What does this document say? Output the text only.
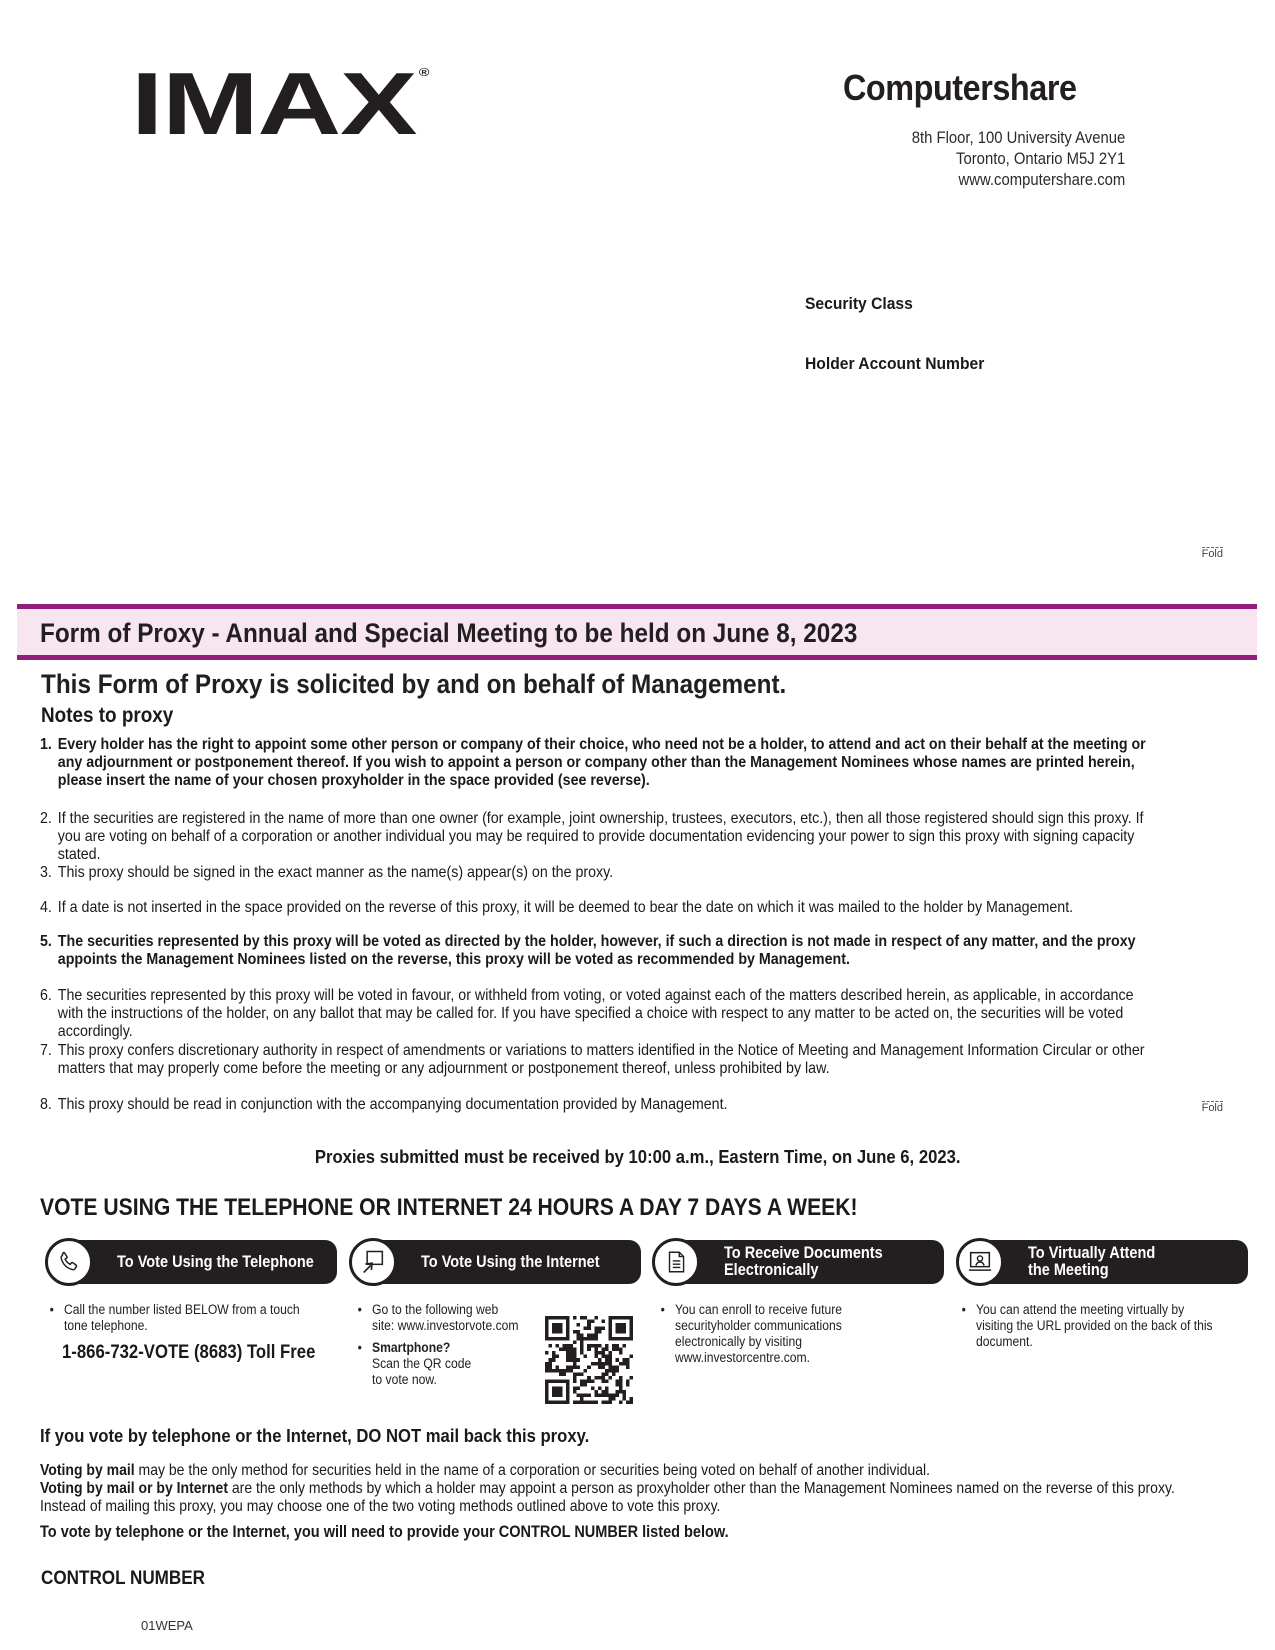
IMAX ®	Computershare
8th Floor, 100 University Avenue
Toronto, Ontario M5J 2Y1
www.computershare.com
Security Class
Holder Account Number
Fold
Form of Proxy - Annual and Special Meeting to be held on June 8, 2023
This Form of Proxy is solicited by and on behalf of Management.
Notes to proxy
1. Every holder has the right to appoint some other person or company of their choice, who need not be a holder, to attend and act on their behalf at the meeting or any adjournment or postponement thereof. If you wish to appoint a person or company other than the Management Nominees whose names are printed herein, please insert the name of your chosen proxyholder in the space provided (see reverse).
2. If the securities are registered in the name of more than one owner (for example, joint ownership, trustees, executors, etc.), then all those registered should sign this proxy. If you are voting on behalf of a corporation or another individual you may be required to provide documentation evidencing your power to sign this proxy with signing capacity stated.
3. This proxy should be signed in the exact manner as the name(s) appear(s) on the proxy.
4. If a date is not inserted in the space provided on the reverse of this proxy, it will be deemed to bear the date on which it was mailed to the holder by Management.
5. The securities represented by this proxy will be voted as directed by the holder, however, if such a direction is not made in respect of any matter, and the proxy appoints the Management Nominees listed on the reverse, this proxy will be voted as recommended by Management.
6. The securities represented by this proxy will be voted in favour, or withheld from voting, or voted against each of the matters described herein, as applicable, in accordance with the instructions of the holder, on any ballot that may be called for. If you have specified a choice with respect to any matter to be acted on, the securities will be voted accordingly.
7. This proxy confers discretionary authority in respect of amendments or variations to matters identified in the Notice of Meeting and Management Information Circular or other matters that may properly come before the meeting or any adjournment or postponement thereof, unless prohibited by law.
8. This proxy should be read in conjunction with the accompanying documentation provided by Management.	Fold
Proxies submitted must be received by 10:00 a.m., Eastern Time, on June 6, 2023.
VOTE USING THE TELEPHONE OR INTERNET 24 HOURS A DAY 7 DAYS A WEEK!
To Vote Using the Telephone
• Call the number listed BELOW from a touch tone telephone.
1-866-732-VOTE (8683) Toll Free
To Vote Using the Internet
• Go to the following web
site: www.investorvote.com
• Smartphone?
Scan the QR code
to vote now.
To Receive Documents
Electronically
• You can enroll to receive future securityholder communications electronically by visiting www.investorcentre.com.
To Virtually Attend
the Meeting
• You can attend the meeting virtually by visiting the URL provided on the back of this document.
If you vote by telephone or the Internet, DO NOT mail back this proxy.
Voting by mail may be the only method for securities held in the name of a corporation or securities being voted on behalf of another individual.
Voting by mail or by Internet are the only methods by which a holder may appoint a person as proxyholder other than the Management Nominees named on the reverse of this proxy.
Instead of mailing this proxy, you may choose one of the two voting methods outlined above to vote this proxy.
To vote by telephone or the Internet, you will need to provide your CONTROL NUMBER listed below.
CONTROL NUMBER
01WEPA
